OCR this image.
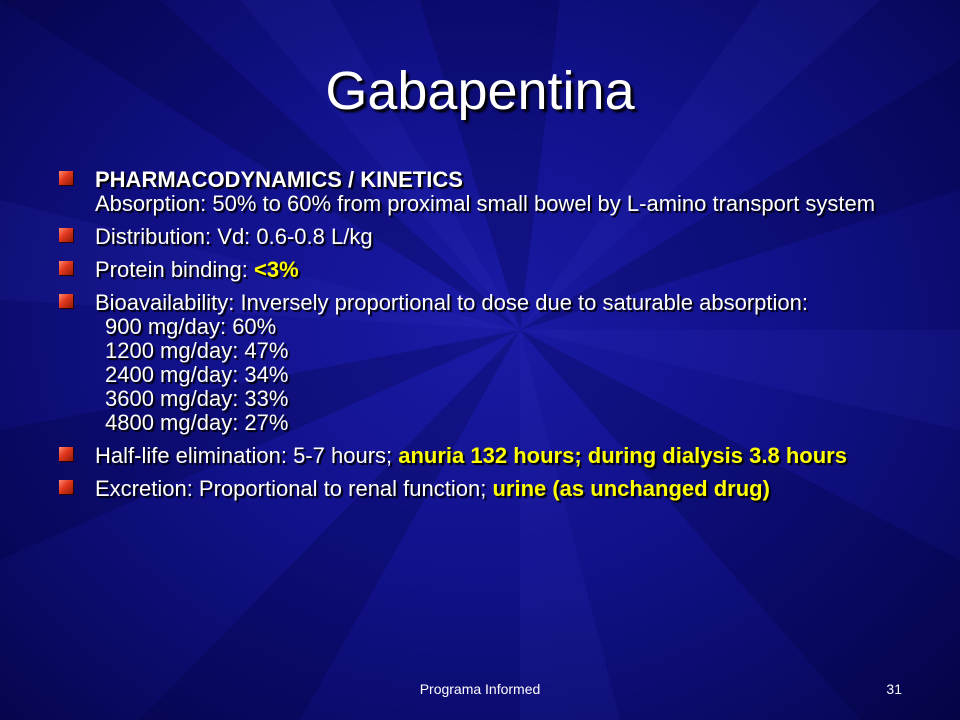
Gabapentina
PHARMACODYNAMICS / KINETICS
Absorption: 50% to 60% from proximal small bowel by L-amino transport system
Distribution: Vd: 0.6-0.8 L/kg
Protein binding: <3%
Bioavailability: Inversely proportional to dose due to saturable absorption:
900 mg/day: 60%
1200 mg/day: 47%
2400 mg/day: 34%
3600 mg/day: 33%
4800 mg/day: 27%
Half-life elimination: 5-7 hours; anuria 132 hours; during dialysis 3.8 hours
Excretion: Proportional to renal function; urine (as unchanged drug)
Programa Informed	31
